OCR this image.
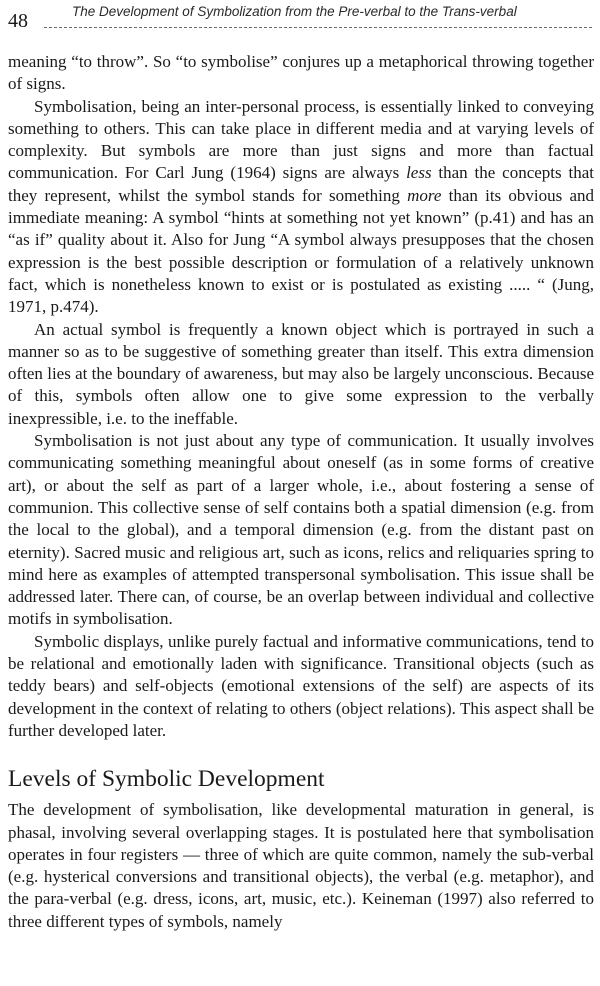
48	The Development of Symbolization from the Pre-verbal to the Trans-verbal

meaning “to throw”. So “to symbolise” conjures up a metaphorical throwing together of signs.

Symbolisation, being an inter-personal process, is essentially linked to conveying something to others. This can take place in different media and at varying levels of complexity. But symbols are more than just signs and more than factual communication. For Carl Jung (1964) signs are always less than the concepts that they represent, whilst the symbol stands for something more than its obvious and immediate meaning: A symbol “hints at something not yet known” (p.41) and has an “as if” quality about it. Also for Jung “A symbol always presupposes that the chosen expression is the best possible description or formulation of a relatively unknown fact, which is nonetheless known to exist or is postulated as existing ..... “ (Jung, 1971, p.474).

An actual symbol is frequently a known object which is portrayed in such a manner so as to be suggestive of something greater than itself. This extra dimension often lies at the boundary of awareness, but may also be largely unconscious. Because of this, symbols often allow one to give some expression to the verbally inexpressible, i.e. to the ineffable.

Symbolisation is not just about any type of communication. It usually involves communicating something meaningful about oneself (as in some forms of creative art), or about the self as part of a larger whole, i.e., about fostering a sense of communion. This collective sense of self contains both a spatial dimension (e.g. from the local to the global), and a temporal dimension (e.g. from the distant past on eternity). Sacred music and religious art, such as icons, relics and reliquaries spring to mind here as examples of attempted transpersonal symbolisation. This issue shall be addressed later. There can, of course, be an overlap between individual and collective motifs in symbolisation.

Symbolic displays, unlike purely factual and informative communications, tend to be relational and emotionally laden with significance. Transitional objects (such as teddy bears) and self-objects (emotional extensions of the self) are aspects of its development in the context of relating to others (object relations). This aspect shall be further developed later.

Levels of Symbolic Development

The development of symbolisation, like developmental maturation in general, is phasal, involving several overlapping stages. It is postulated here that symbolisation operates in four registers — three of which are quite common, namely the sub-verbal (e.g. hysterical conversions and transitional objects), the verbal (e.g. metaphor), and the para-verbal (e.g. dress, icons, art, music, etc.). Keineman (1997) also referred to three different types of symbols, namely
